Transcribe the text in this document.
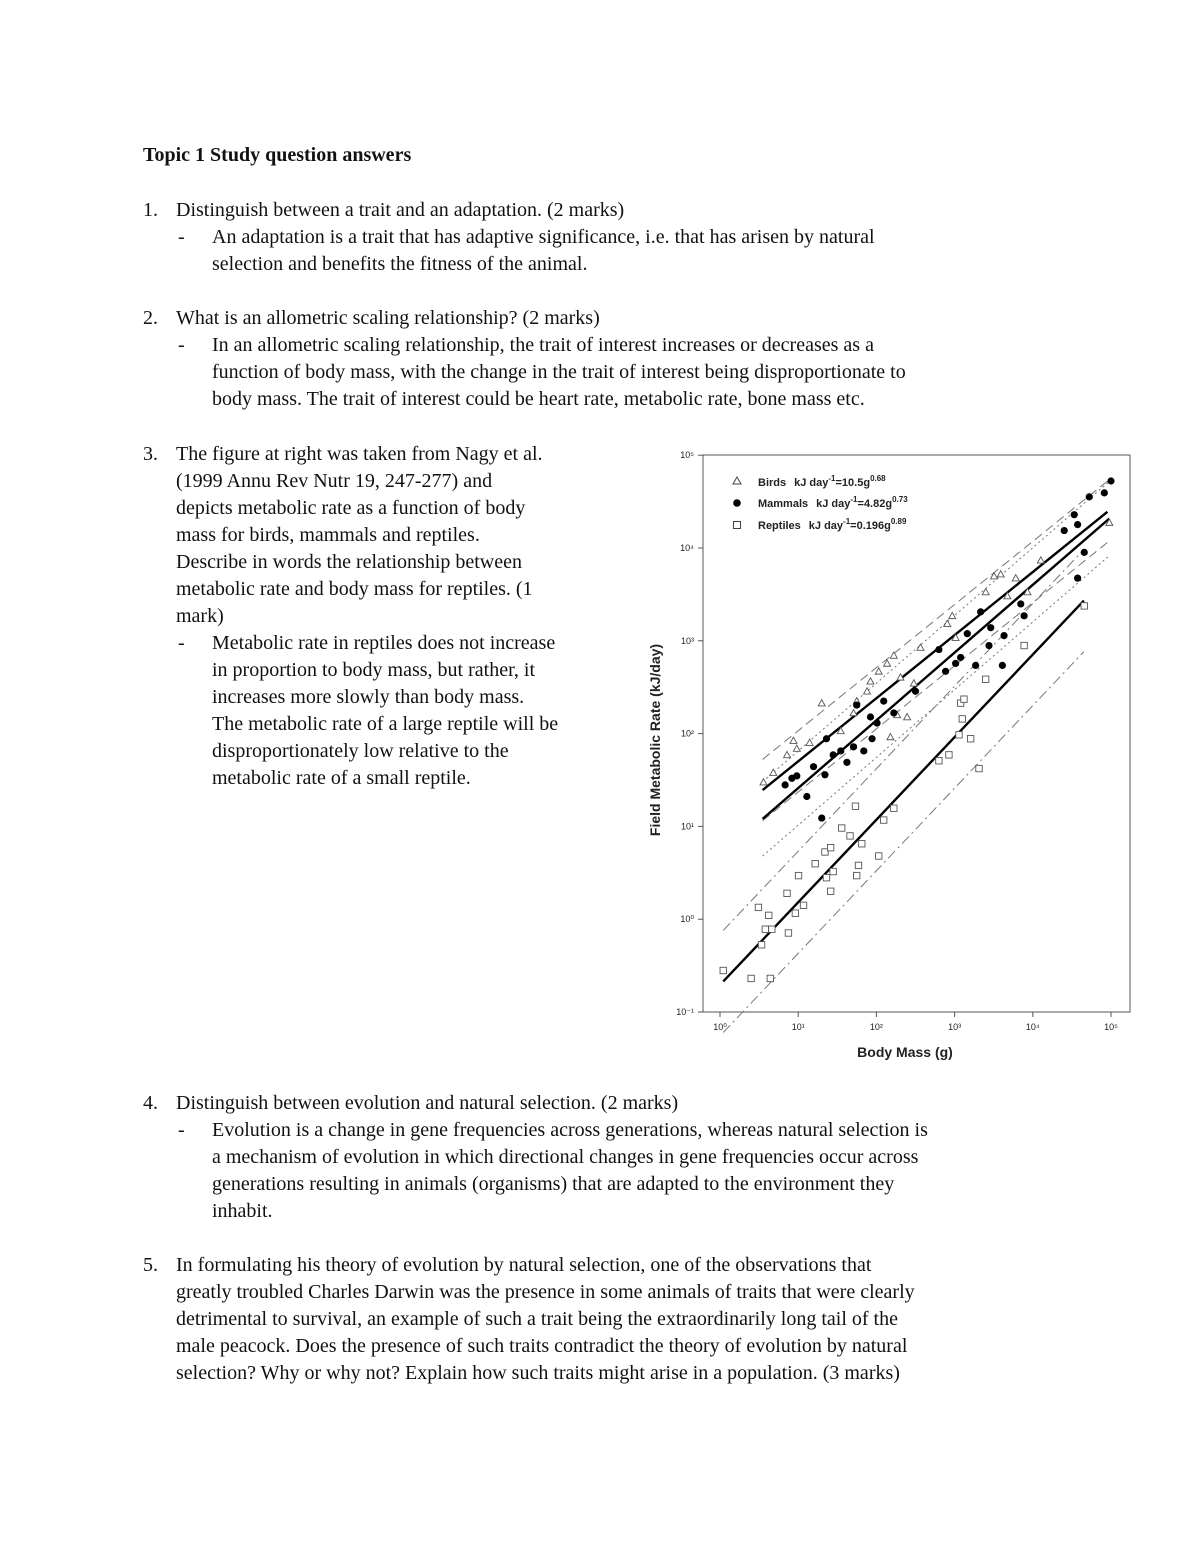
Topic 1 Study question answers
1. Distinguish between a trait and an adaptation. (2 marks)
- An adaptation is a trait that has adaptive significance, i.e. that has arisen by natural
selection and benefits the fitness of the animal.
2. What is an allometric scaling relationship? (2 marks)
- In an allometric scaling relationship, the trait of interest increases or decreases as a
function of body mass, with the change in the trait of interest being disproportionate to
body mass. The trait of interest could be heart rate, metabolic rate, bone mass etc.
3. The figure at right was taken from Nagy et al.
(1999 Annu Rev Nutr 19, 247-277) and
depicts metabolic rate as a function of body
mass for birds, mammals and reptiles.
Describe in words the relationship between
metabolic rate and body mass for reptiles. (1
mark)
- Metabolic rate in reptiles does not increase
in proportion to body mass, but rather, it
increases more slowly than body mass.
The metabolic rate of a large reptile will be
disproportionately low relative to the
metabolic rate of a small reptile.
10⁰	10¹	10²	10³	10⁴	10⁵
10⁻¹
10⁰
10¹
10²
10³
10⁴
10⁵
Birds kJ $day^{-1}=10.5g^{0.68}$
Mammals kJ $day^{-1}=4.82g^{0.73}$
Reptiles kJ $day^{-1}=0.196g^{0.89}$
Body Mass (g)
Field Metabolic Rate (kJ/day)
4. Distinguish between evolution and natural selection. (2 marks)
- Evolution is a change in gene frequencies across generations, whereas natural selection is
a mechanism of evolution in which directional changes in gene frequencies occur across
generations resulting in animals (organisms) that are adapted to the environment they
inhabit.
5. In formulating his theory of evolution by natural selection, one of the observations that
greatly troubled Charles Darwin was the presence in some animals of traits that were clearly
detrimental to survival, an example of such a trait being the extraordinarily long tail of the
male peacock. Does the presence of such traits contradict the theory of evolution by natural
selection? Why or why not? Explain how such traits might arise in a population. (3 marks)
